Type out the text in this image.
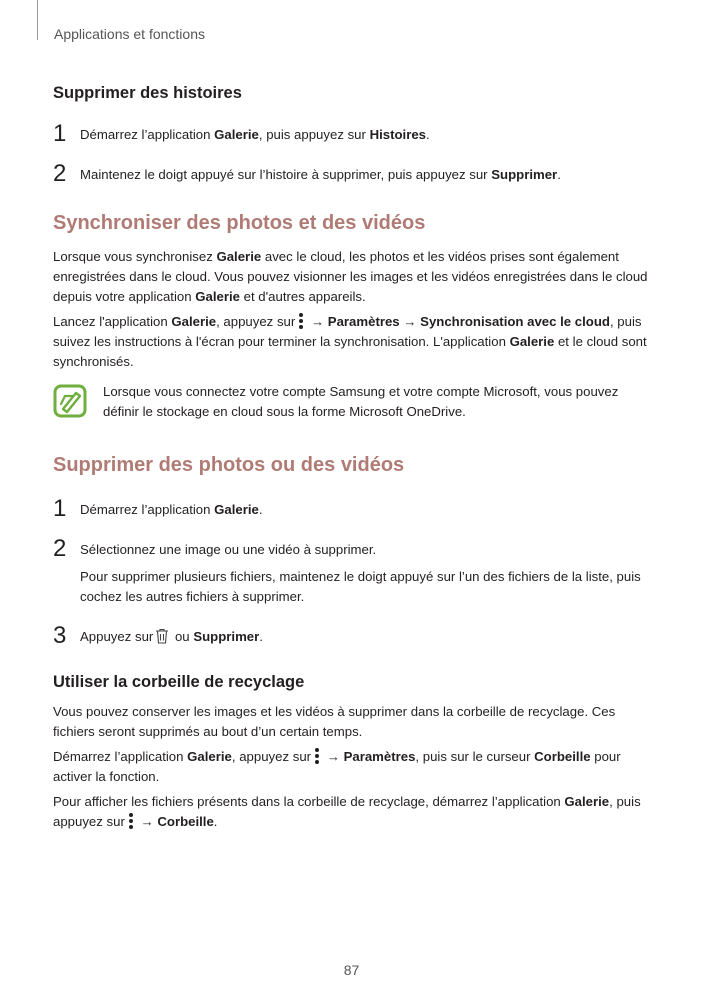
Applications et fonctions
Supprimer des histoires
1 Démarrez l’application Galerie, puis appuyez sur Histoires.

2 Maintenez le doigt appuyé sur l’histoire à supprimer, puis appuyez sur Supprimer.

Synchroniser des photos et des vidéos

Lorsque vous synchronisez Galerie avec le cloud, les photos et les vidéos prises sont également enregistrées dans le cloud. Vous pouvez visionner les images et les vidéos enregistrées dans le cloud depuis votre application Galerie et d'autres appareils.

Lancez l'application Galerie, appuyez sur
→ Paramètres → Synchronisation avec le cloud, puis suivez les instructions à l'écran pour terminer la synchronisation. L'application Galerie et le cloud sont synchronisés.

Lorsque vous connectez votre compte Samsung et votre compte Microsoft, vous pouvez définir le stockage en cloud sous la forme Microsoft OneDrive.

Supprimer des photos ou des vidéos
1 Démarrez l’application Galerie.

2 Sélectionnez une image ou une vidéo à supprimer.

Pour supprimer plusieurs fichiers, maintenez le doigt appuyé sur l’un des fichiers de la liste, puis cochez les autres fichiers à supprimer.

3 Appuyez sur ou Supprimer.

Utiliser la corbeille de recyclage

Vous pouvez conserver les images et les vidéos à supprimer dans la corbeille de recyclage. Ces fichiers seront supprimés au bout d’un certain temps.

Démarrez l’application Galerie, appuyez sur
→ Paramètres, puis sur le curseur Corbeille pour activer la fonction.

Pour afficher les fichiers présents dans la corbeille de recyclage, démarrez l’application Galerie, puis appuyez sur
→ Corbeille.

87
